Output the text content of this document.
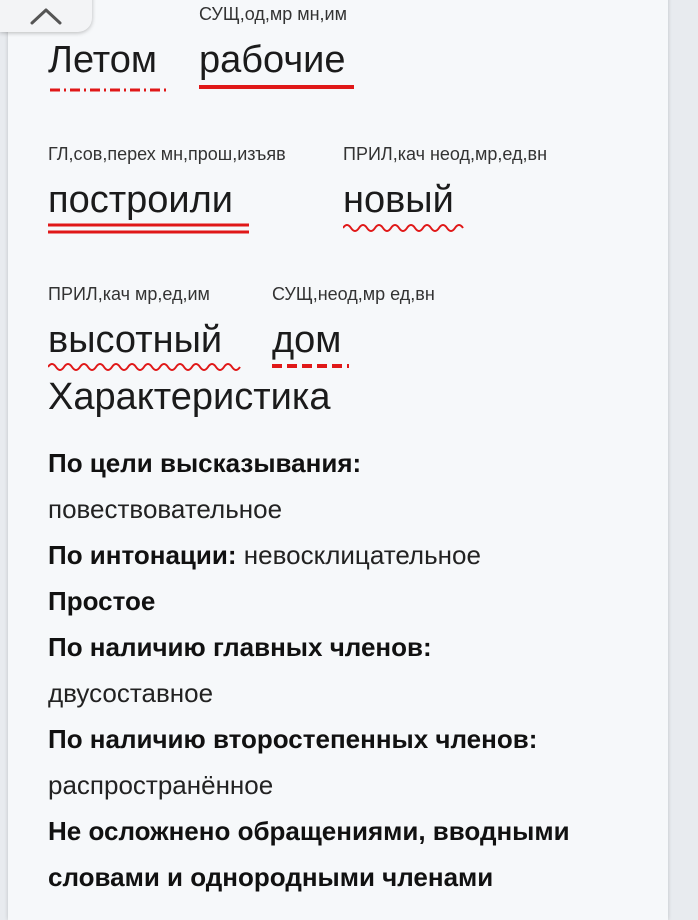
СУЩ,од,мр мн,им
Летом рабочие
ГЛ,сов,перех мн,прош,изъяв	ПРИЛ,кач неод,мр,ед,вн
построили	новый
ПРИЛ,кач мр,ед,им	СУЩ,неод,мр ед,вн
высотный дом
Характеристика
По цели высказывания:
повествовательное
По интонации: невосклицательное
Простое
По наличию главных членов:
двусоставное
По наличию второстепенных членов:
распространённое
Не осложнено обращениями, вводными
словами и однородными членами
